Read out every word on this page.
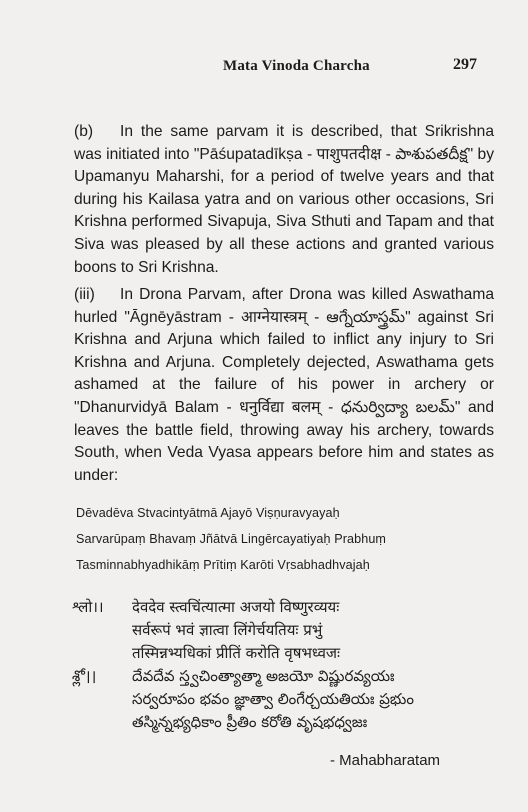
Mata Vinoda Charcha	297
(b) In the same parvam it is described, that Srikrishna was initiated into "Pāśupatadīkṣa - पाशुपतदीक्ष - పాశుపతదీక్ష" by Upamanyu Maharshi, for a period of twelve years and that during his Kailasa yatra and on various other occasions, Sri Krishna performed Sivapuja, Siva Sthuti and Tapam and that Siva was pleased by all these actions and granted various boons to Sri Krishna.
(iii) In Drona Parvam, after Drona was killed Aswathama hurled "Āgnēyāstram - आग्नेयास्त्रम् - ఆగ్నేయాస్త్రమ్" against Sri Krishna and Arjuna which failed to inflict any injury to Sri Krishna and Arjuna. Completely dejected, Aswathama gets ashamed at the failure of his power in archery or "Dhanurvidyā Balam - धनुर्विद्या बलम् - ధనుర్విద్యా బలమ్" and leaves the battle field, throwing away his archery, towards South, when Veda Vyasa appears before him and states as under:
Dēvadēva Stvacintyātmā Ajayō Viṣṇuravyayaḥ
Sarvarūpaṃ Bhavaṃ Jñātvā Lingērcayatiyaḥ Prabhuṃ
Tasminnabhyadhikāṃ Prītiṃ Karōti Vṛsabhadhvajaḥ
श्लो।। देवदेव स्त्वचिंत्यात्मा अजयो विष्णुरव्ययः
सर्वरूपं भवं ज्ञात्वा लिंगेर्चयतियः प्रभुं
तस्मिन्नभ्यधिकां प्रीतिं करोति वृषभध्वजः
శ్లో।। దేవదేవ స్త్వచింత్యాత్మా అజయో విష్ణురవ్యయః
సర్వరూపం భవం జ్ఞాత్వా లింగేర్చయతియః ప్రభుం
తస్మిన్నభ్యధికాం ప్రీతిం కరోతి వృషభధ్వజః
- Mahabharatam
